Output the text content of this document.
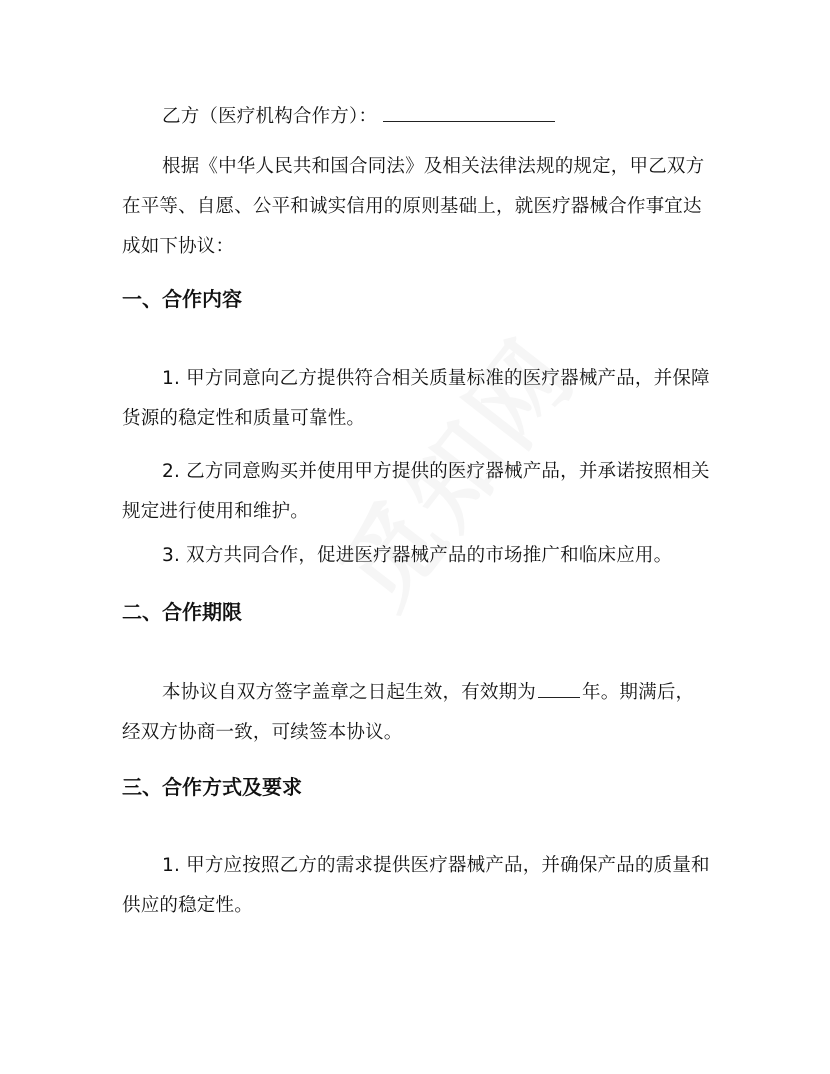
乙方（医疗机构合作方）：

根据《中华人民共和国合同法》及相关法律法规的规定，甲乙双方在平等、自愿、公平和诚实信用的原则基础上，就医疗器械合作事宜达成如下协议：

一、合作内容

1. 甲方同意向乙方提供符合相关质量标准的医疗器械产品，并保障货源的稳定性和质量可靠性。

2. 乙方同意购买并使用甲方提供的医疗器械产品，并承诺按照相关规定进行使用和维护。

3. 双方共同合作，促进医疗器械产品的市场推广和临床应用。

二、合作期限

本协议自双方签字盖章之日起生效，有效期为 年。期满后，经双方协商一致，可续签本协议。

三、合作方式及要求

1. 甲方应按照乙方的需求提供医疗器械产品，并确保产品的质量和供应的稳定性。
